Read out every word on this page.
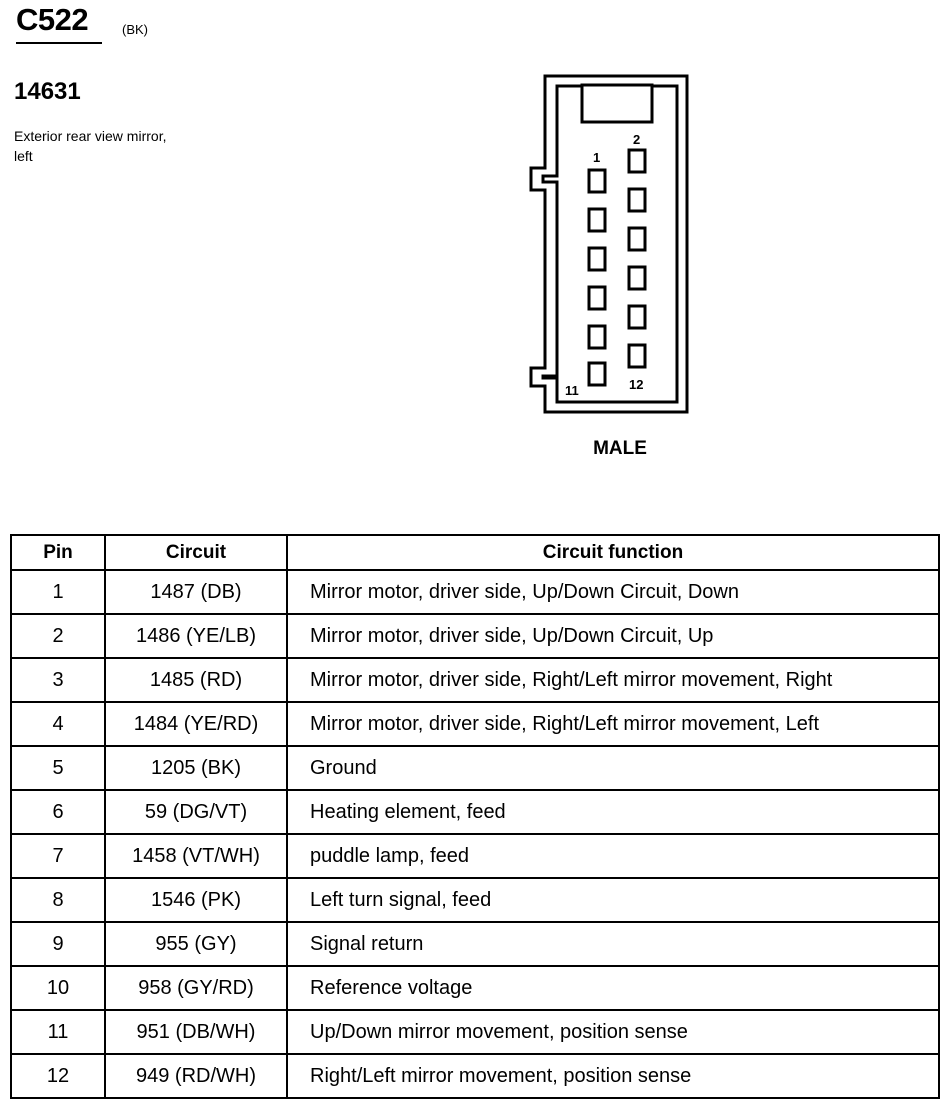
C522	(BK)
14631
Exterior rear view mirror, left	1
2
11	12
MALE
Pin	Circuit	Circuit function

1	1487 (DB)	Mirror motor, driver side, Up/Down Circuit, Down

2	1486 (YE/LB)	Mirror motor, driver side, Up/Down Circuit, Up

3	1485 (RD)	Mirror motor, driver side, Right/Left mirror movement, Right

4	1484 (YE/RD)	Mirror motor, driver side, Right/Left mirror movement, Left

5	1205 (BK)	Ground

6	59 (DG/VT)	Heating element, feed

7	1458 (VT/WH)	puddle lamp, feed

8	1546 (PK)	Left turn signal, feed

9	955 (GY)	Signal return

10	958 (GY/RD)	Reference voltage

11	951 (DB/WH)	Up/Down mirror movement, position sense

12	949 (RD/WH)	Right/Left mirror movement, position sense
